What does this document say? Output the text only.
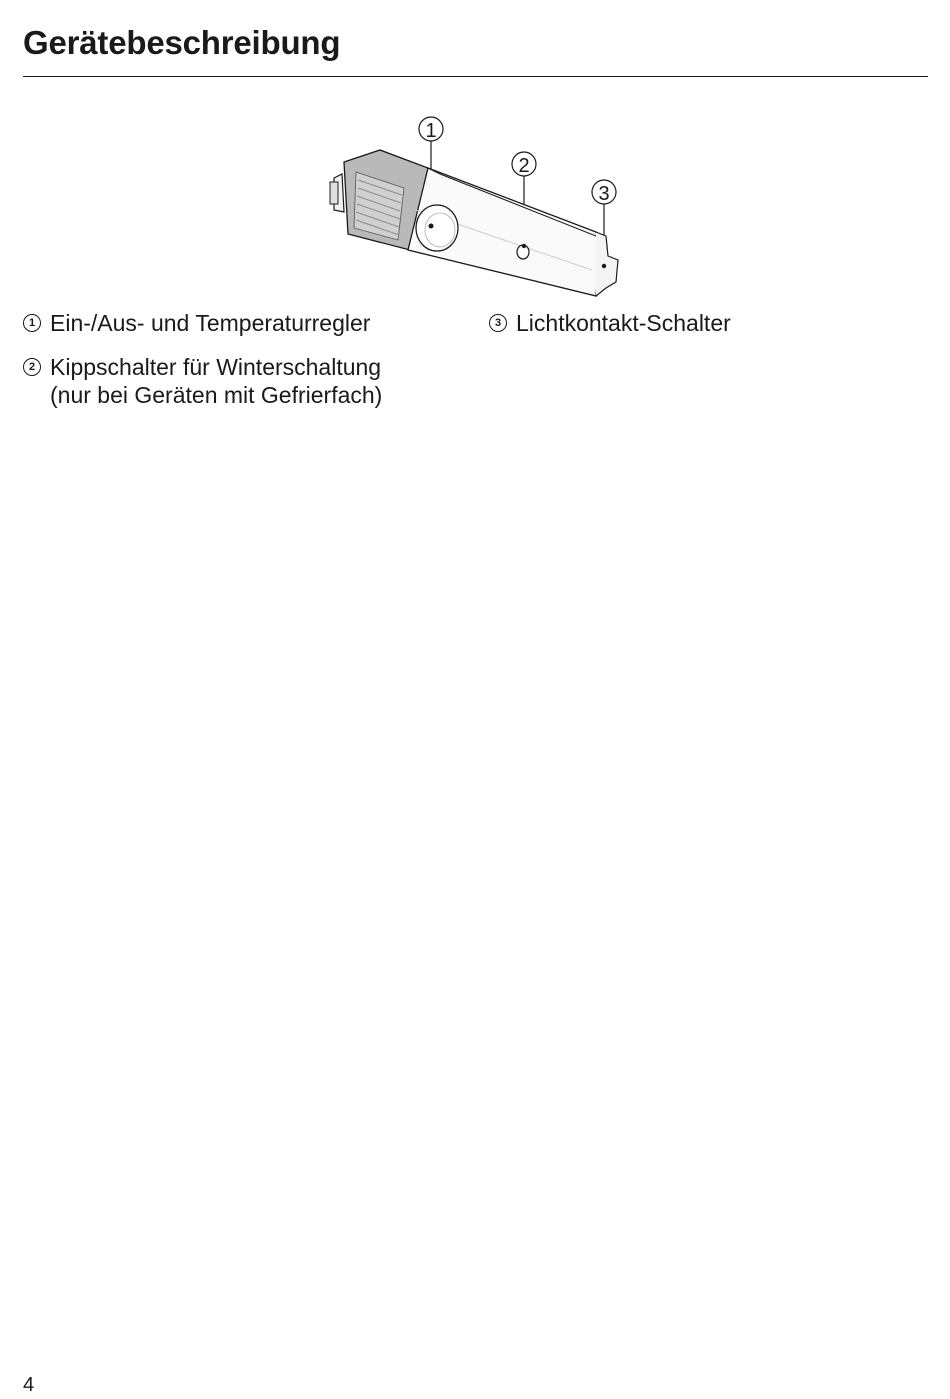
Gerätebeschreibung
1
2
3
1 Ein-/Aus- und Temperaturregler	3 Lichtkontakt-Schalter
2 Kippschalter für Winterschaltung
(nur bei Geräten mit Gefrierfach)
4
